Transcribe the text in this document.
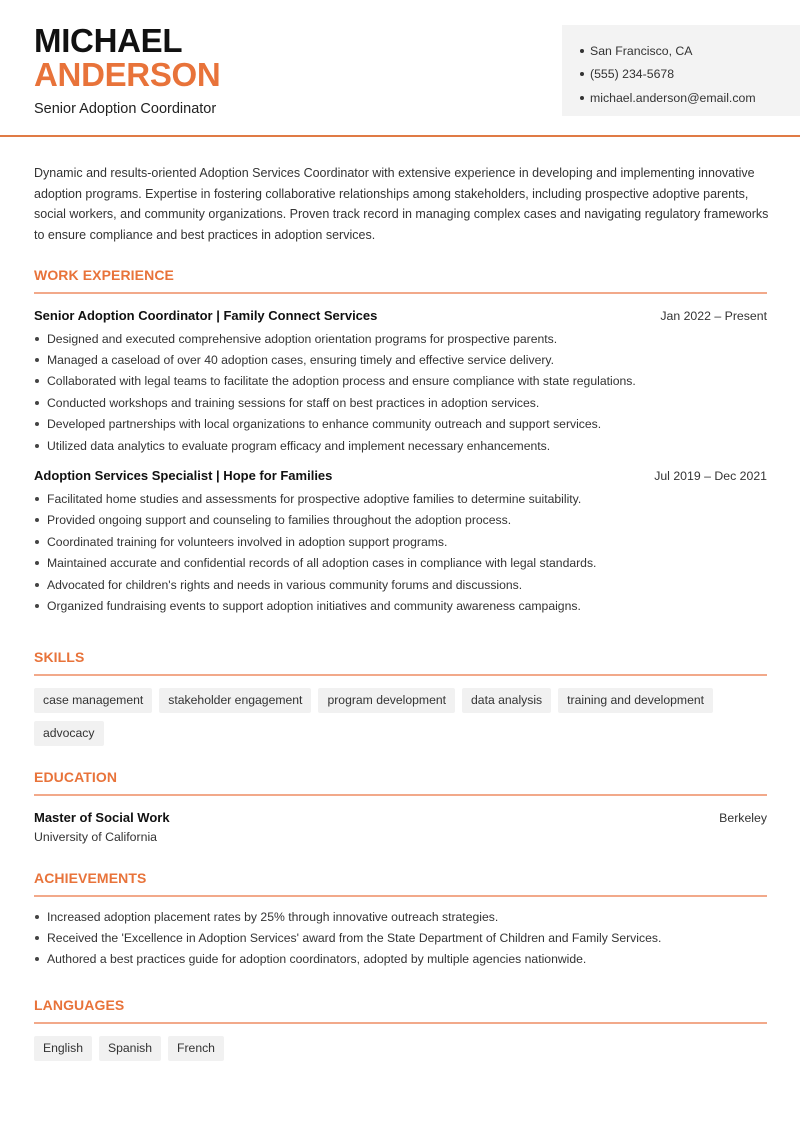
MICHAEL
ANDERSON
Senior Adoption Coordinator
San Francisco, CA
(555) 234-5678
michael.anderson@email.com

Dynamic and results-oriented Adoption Services Coordinator with extensive experience in developing and implementing innovative adoption programs. Expertise in fostering collaborative relationships among stakeholders, including prospective adoptive parents, social workers, and community organizations. Proven track record in managing complex cases and navigating regulatory frameworks to ensure compliance and best practices in adoption services.

WORK EXPERIENCE
Senior Adoption Coordinator | Family Connect Services	Jan 2022 – Present
Designed and executed comprehensive adoption orientation programs for prospective parents.
Managed a caseload of over 40 adoption cases, ensuring timely and effective service delivery.
Collaborated with legal teams to facilitate the adoption process and ensure compliance with state regulations.
Conducted workshops and training sessions for staff on best practices in adoption services.
Developed partnerships with local organizations to enhance community outreach and support services.
Utilized data analytics to evaluate program efficacy and implement necessary enhancements.
Adoption Services Specialist | Hope for Families	Jul 2019 – Dec 2021
Facilitated home studies and assessments for prospective adoptive families to determine suitability.
Provided ongoing support and counseling to families throughout the adoption process.
Coordinated training for volunteers involved in adoption support programs.
Maintained accurate and confidential records of all adoption cases in compliance with legal standards.
Advocated for children's rights and needs in various community forums and discussions.
Organized fundraising events to support adoption initiatives and community awareness campaigns.
SKILLS
case management	stakeholder engagement	program development	data analysis	training and development
advocacy
EDUCATION
Master of Social Work	Berkeley
University of California
ACHIEVEMENTS
Increased adoption placement rates by 25% through innovative outreach strategies.
Received the 'Excellence in Adoption Services' award from the State Department of Children and Family Services.
Authored a best practices guide for adoption coordinators, adopted by multiple agencies nationwide.
LANGUAGES
English	Spanish	French
